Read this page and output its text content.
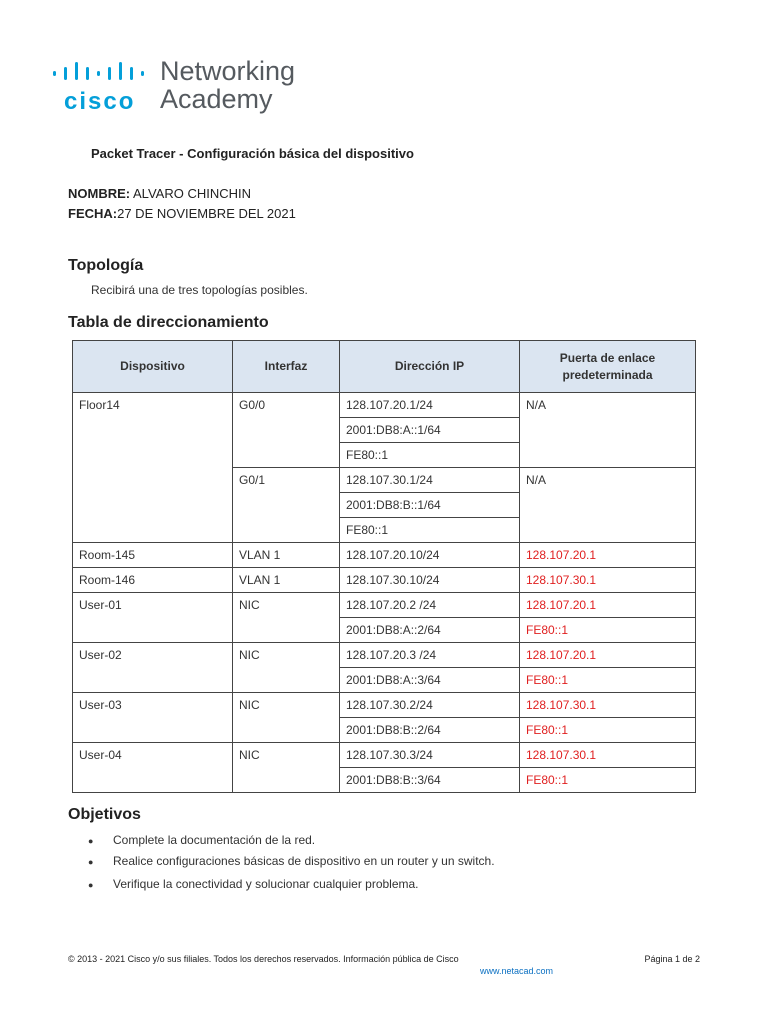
cisco
Networking
Academy
Packet Tracer - Configuración básica del dispositivo
NOMBRE: ALVARO CHINCHIN
FECHA:27 DE NOVIEMBRE DEL 2021
Topología
Recibirá una de tres topologías posibles.
Tabla de direccionamiento
Dispositivo	Interfaz	Dirección IP	Puerta de enlace predeterminada
Floor14	G0/0	128.107.20.1/24	N/A
		2001:DB8:A::1/64	
		FE80::1	
	G0/1	128.107.30.1/24	N/A
		2001:DB8:B::1/64	
		FE80::1	
Room-145	VLAN 1	128.107.20.10/24	128.107.20.1
Room-146	VLAN 1	128.107.30.10/24	128.107.30.1
User-01	NIC	128.107.20.2 /24	128.107.20.1
		2001:DB8:A::2/64	FE80::1
User-02	NIC	128.107.20.3 /24	128.107.20.1
		2001:DB8:A::3/64	FE80::1
User-03	NIC	128.107.30.2/24	128.107.30.1
		2001:DB8:B::2/64	FE80::1
User-04	NIC	128.107.30.3/24	128.107.30.1
		2001:DB8:B::3/64	FE80::1
Objetivos
● Complete la documentación de la red.
● Realice configuraciones básicas de dispositivo en un router y un switch.
● Verifique la conectividad y solucionar cualquier problema.
© 2013 - 2021 Cisco y/o sus filiales. Todos los derechos reservados. Información pública de Cisco	Página 1 de 2
www.netacad.com
